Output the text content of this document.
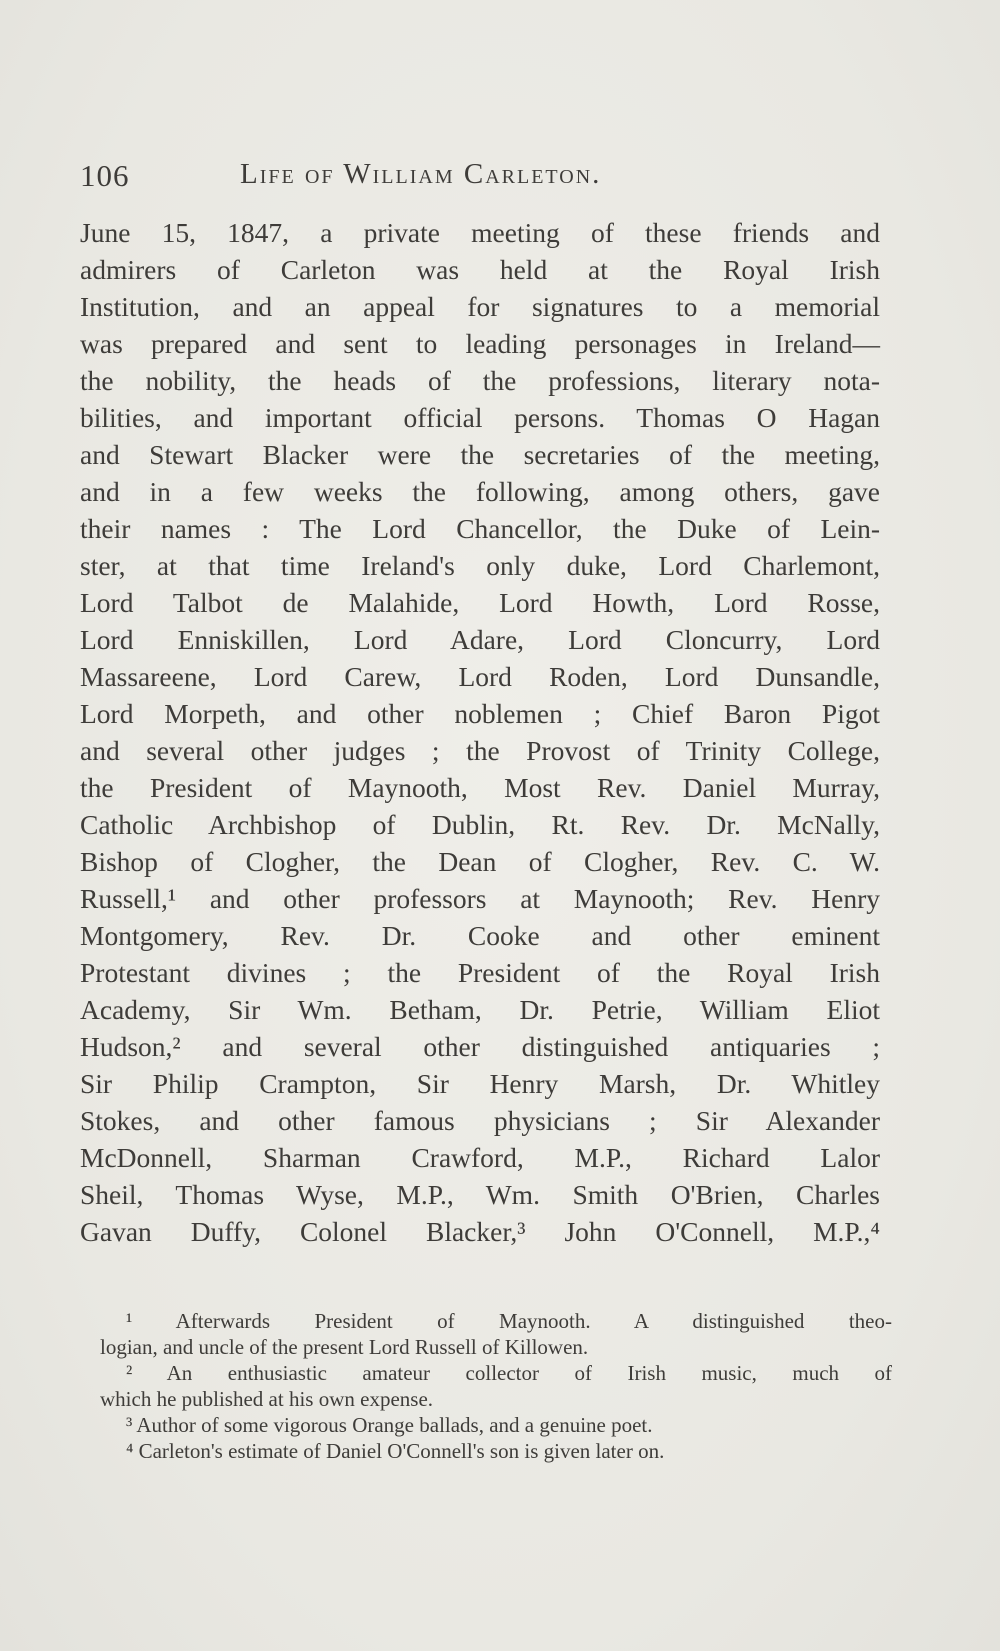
106	Life of William Carleton.
June 15, 1847, a private meeting of these friends and
admirers of Carleton was held at the Royal Irish
Institution, and an appeal for signatures to a memorial
was prepared and sent to leading personages in Ireland—
the nobility, the heads of the professions, literary nota-
bilities, and important official persons. Thomas O Hagan
and Stewart Blacker were the secretaries of the meeting,
and in a few weeks the following, among others, gave
their names : The Lord Chancellor, the Duke of Lein-
ster, at that time Ireland's only duke, Lord Charlemont,
Lord Talbot de Malahide, Lord Howth, Lord Rosse,
Lord Enniskillen, Lord Adare, Lord Cloncurry, Lord
Massareene, Lord Carew, Lord Roden, Lord Dunsandle,
Lord Morpeth, and other noblemen ; Chief Baron Pigot
and several other judges ; the Provost of Trinity College,
the President of Maynooth, Most Rev. Daniel Murray,
Catholic Archbishop of Dublin, Rt. Rev. Dr. McNally,
Bishop of Clogher, the Dean of Clogher, Rev. C. W.
Russell,¹ and other professors at Maynooth; Rev. Henry
Montgomery, Rev. Dr. Cooke and other eminent
Protestant divines ; the President of the Royal Irish
Academy, Sir Wm. Betham, Dr. Petrie, William Eliot
Hudson,² and several other distinguished antiquaries ;
Sir Philip Crampton, Sir Henry Marsh, Dr. Whitley
Stokes, and other famous physicians ; Sir Alexander
McDonnell, Sharman Crawford, M.P., Richard Lalor
Sheil, Thomas Wyse, M.P., Wm. Smith O'Brien, Charles
Gavan Duffy, Colonel Blacker,³ John O'Connell, M.P.,⁴
¹ Afterwards President of Maynooth. A distinguished theo-
logian, and uncle of the present Lord Russell of Killowen.
² An enthusiastic amateur collector of Irish music, much of
which he published at his own expense.
³ Author of some vigorous Orange ballads, and a genuine poet.
⁴ Carleton's estimate of Daniel O'Connell's son is given later on.
